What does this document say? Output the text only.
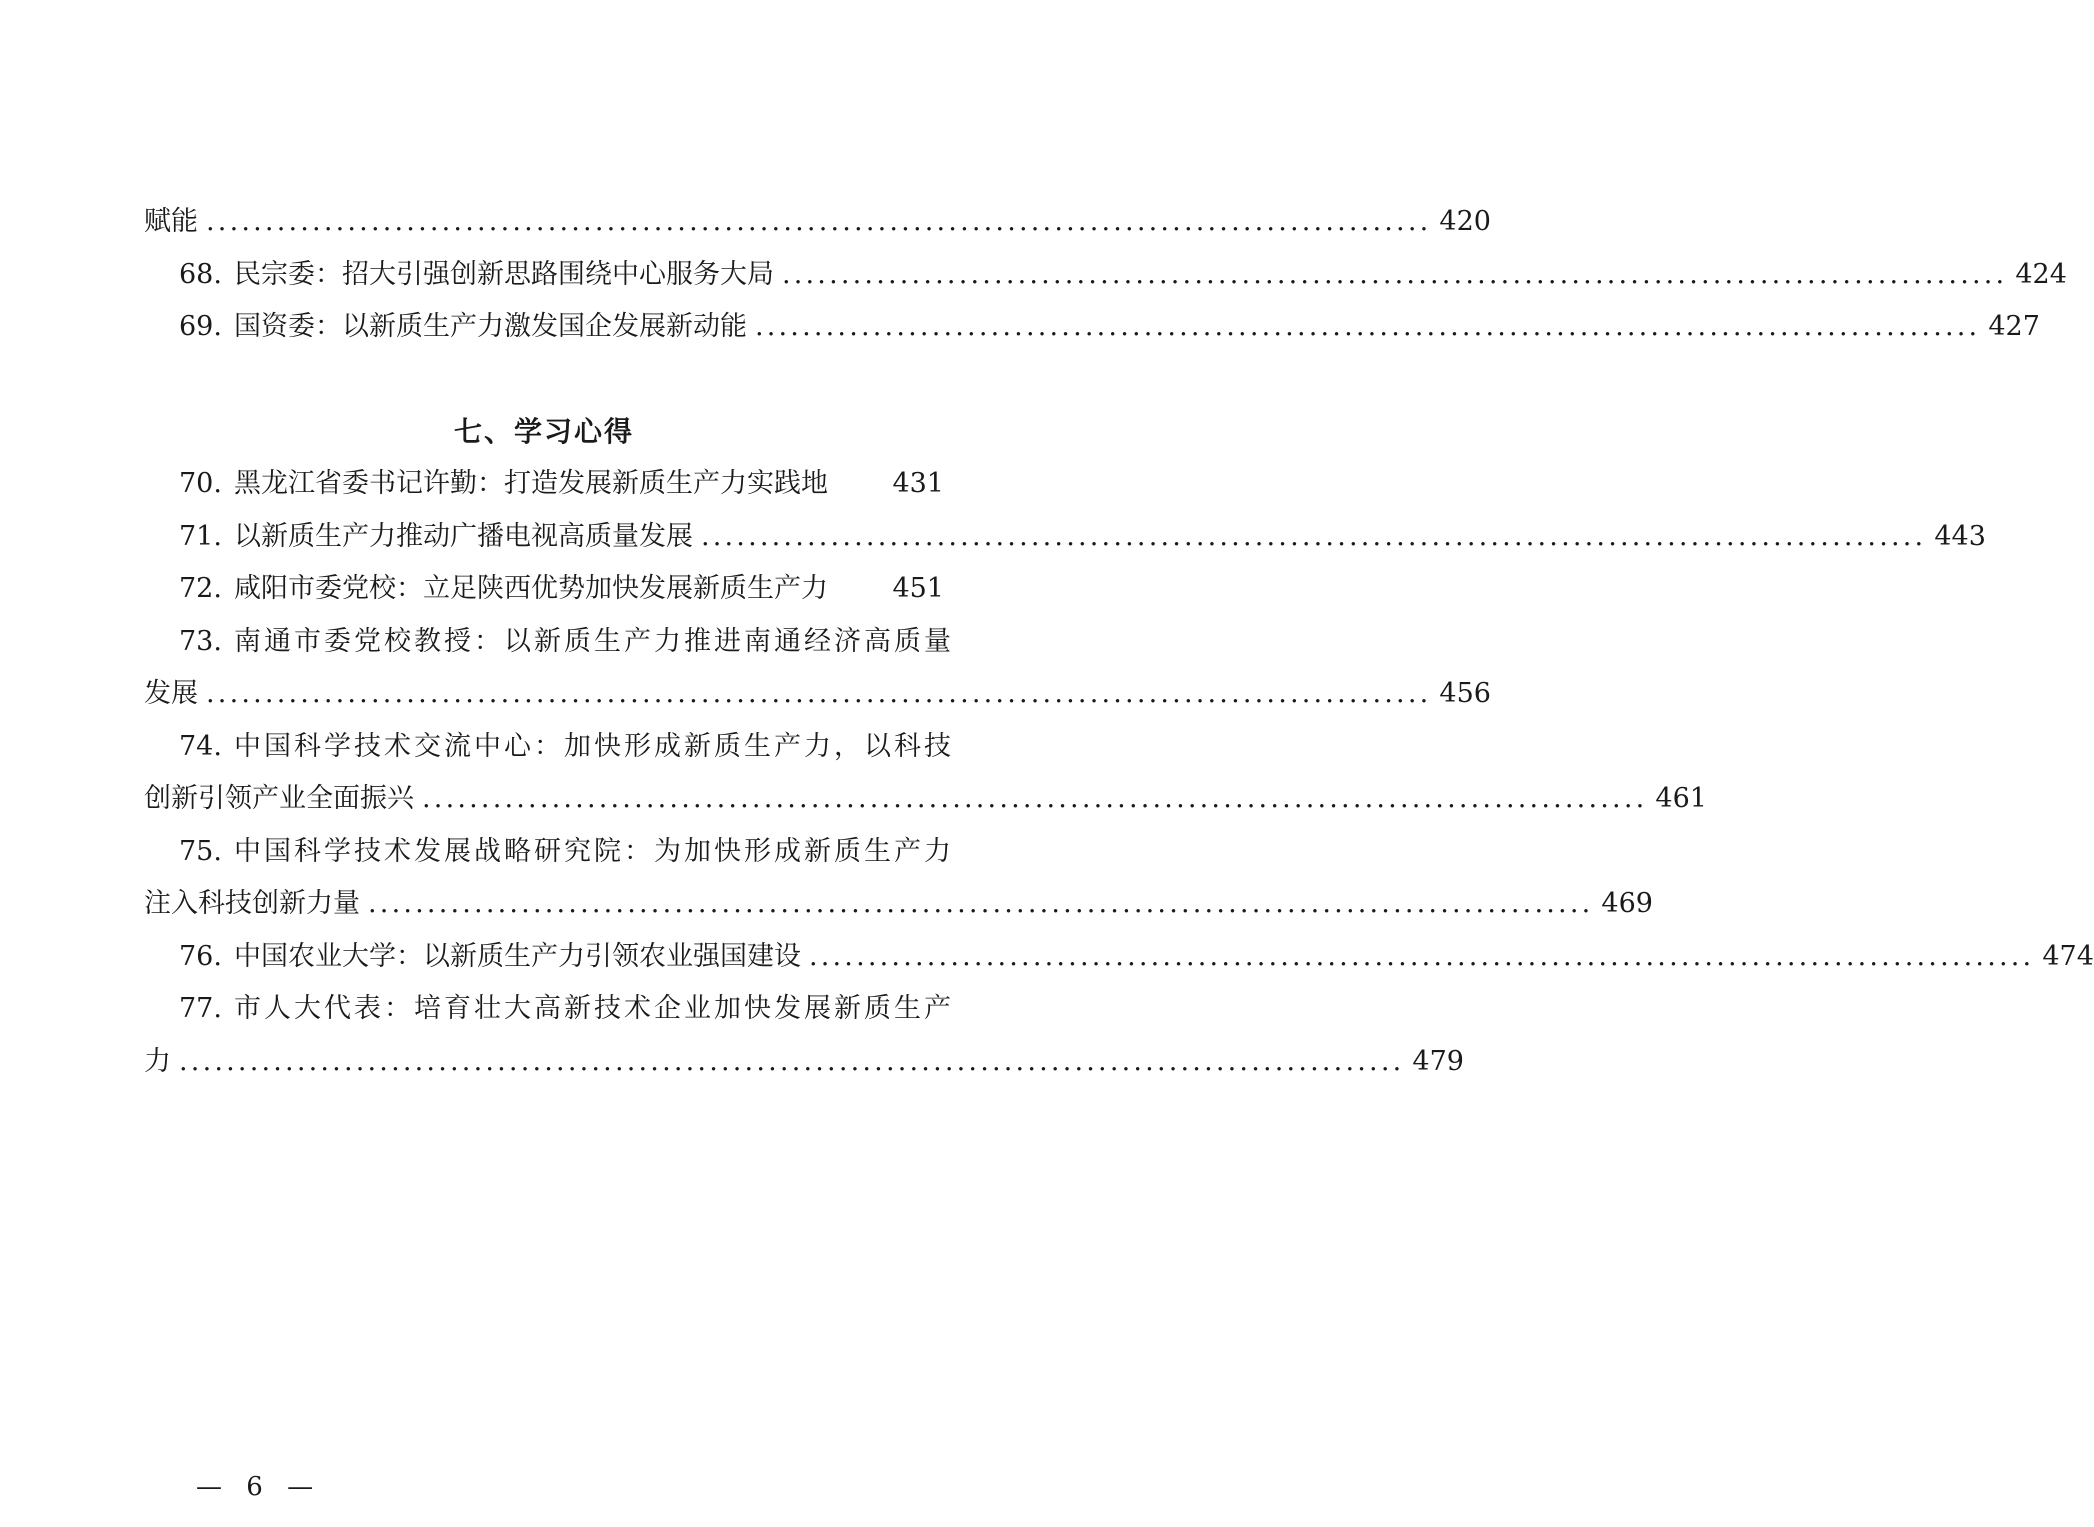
赋能 ........................................................................................................ 420
68. 民宗委：招大引强创新思路围绕中心服务大局 ........................................................................................................ 424
69. 国资委：以新质生产力激发国企发展新动能 ........................................................................................................ 427
七、学习心得
70. 黑龙江省委书记许勤：打造发展新质生产力实践地 431
71. 以新质生产力推动广播电视高质量发展 ........................................................................................................ 443
72. 咸阳市委党校：立足陕西优势加快发展新质生产力 451
73. 南通市委党校教授：以新质生产力推进南通经济高质量
发展 ........................................................................................................ 456
74. 中国科学技术交流中心：加快形成新质生产力，以科技
创新引领产业全面振兴 ........................................................................................................ 461
75. 中国科学技术发展战略研究院：为加快形成新质生产力
注入科技创新力量 ........................................................................................................ 469
76. 中国农业大学：以新质生产力引领农业强国建设 ........................................................................................................ 474
77. 市人大代表：培育壮大高新技术企业加快发展新质生产
力 ........................................................................................................ 479
— 6 —
